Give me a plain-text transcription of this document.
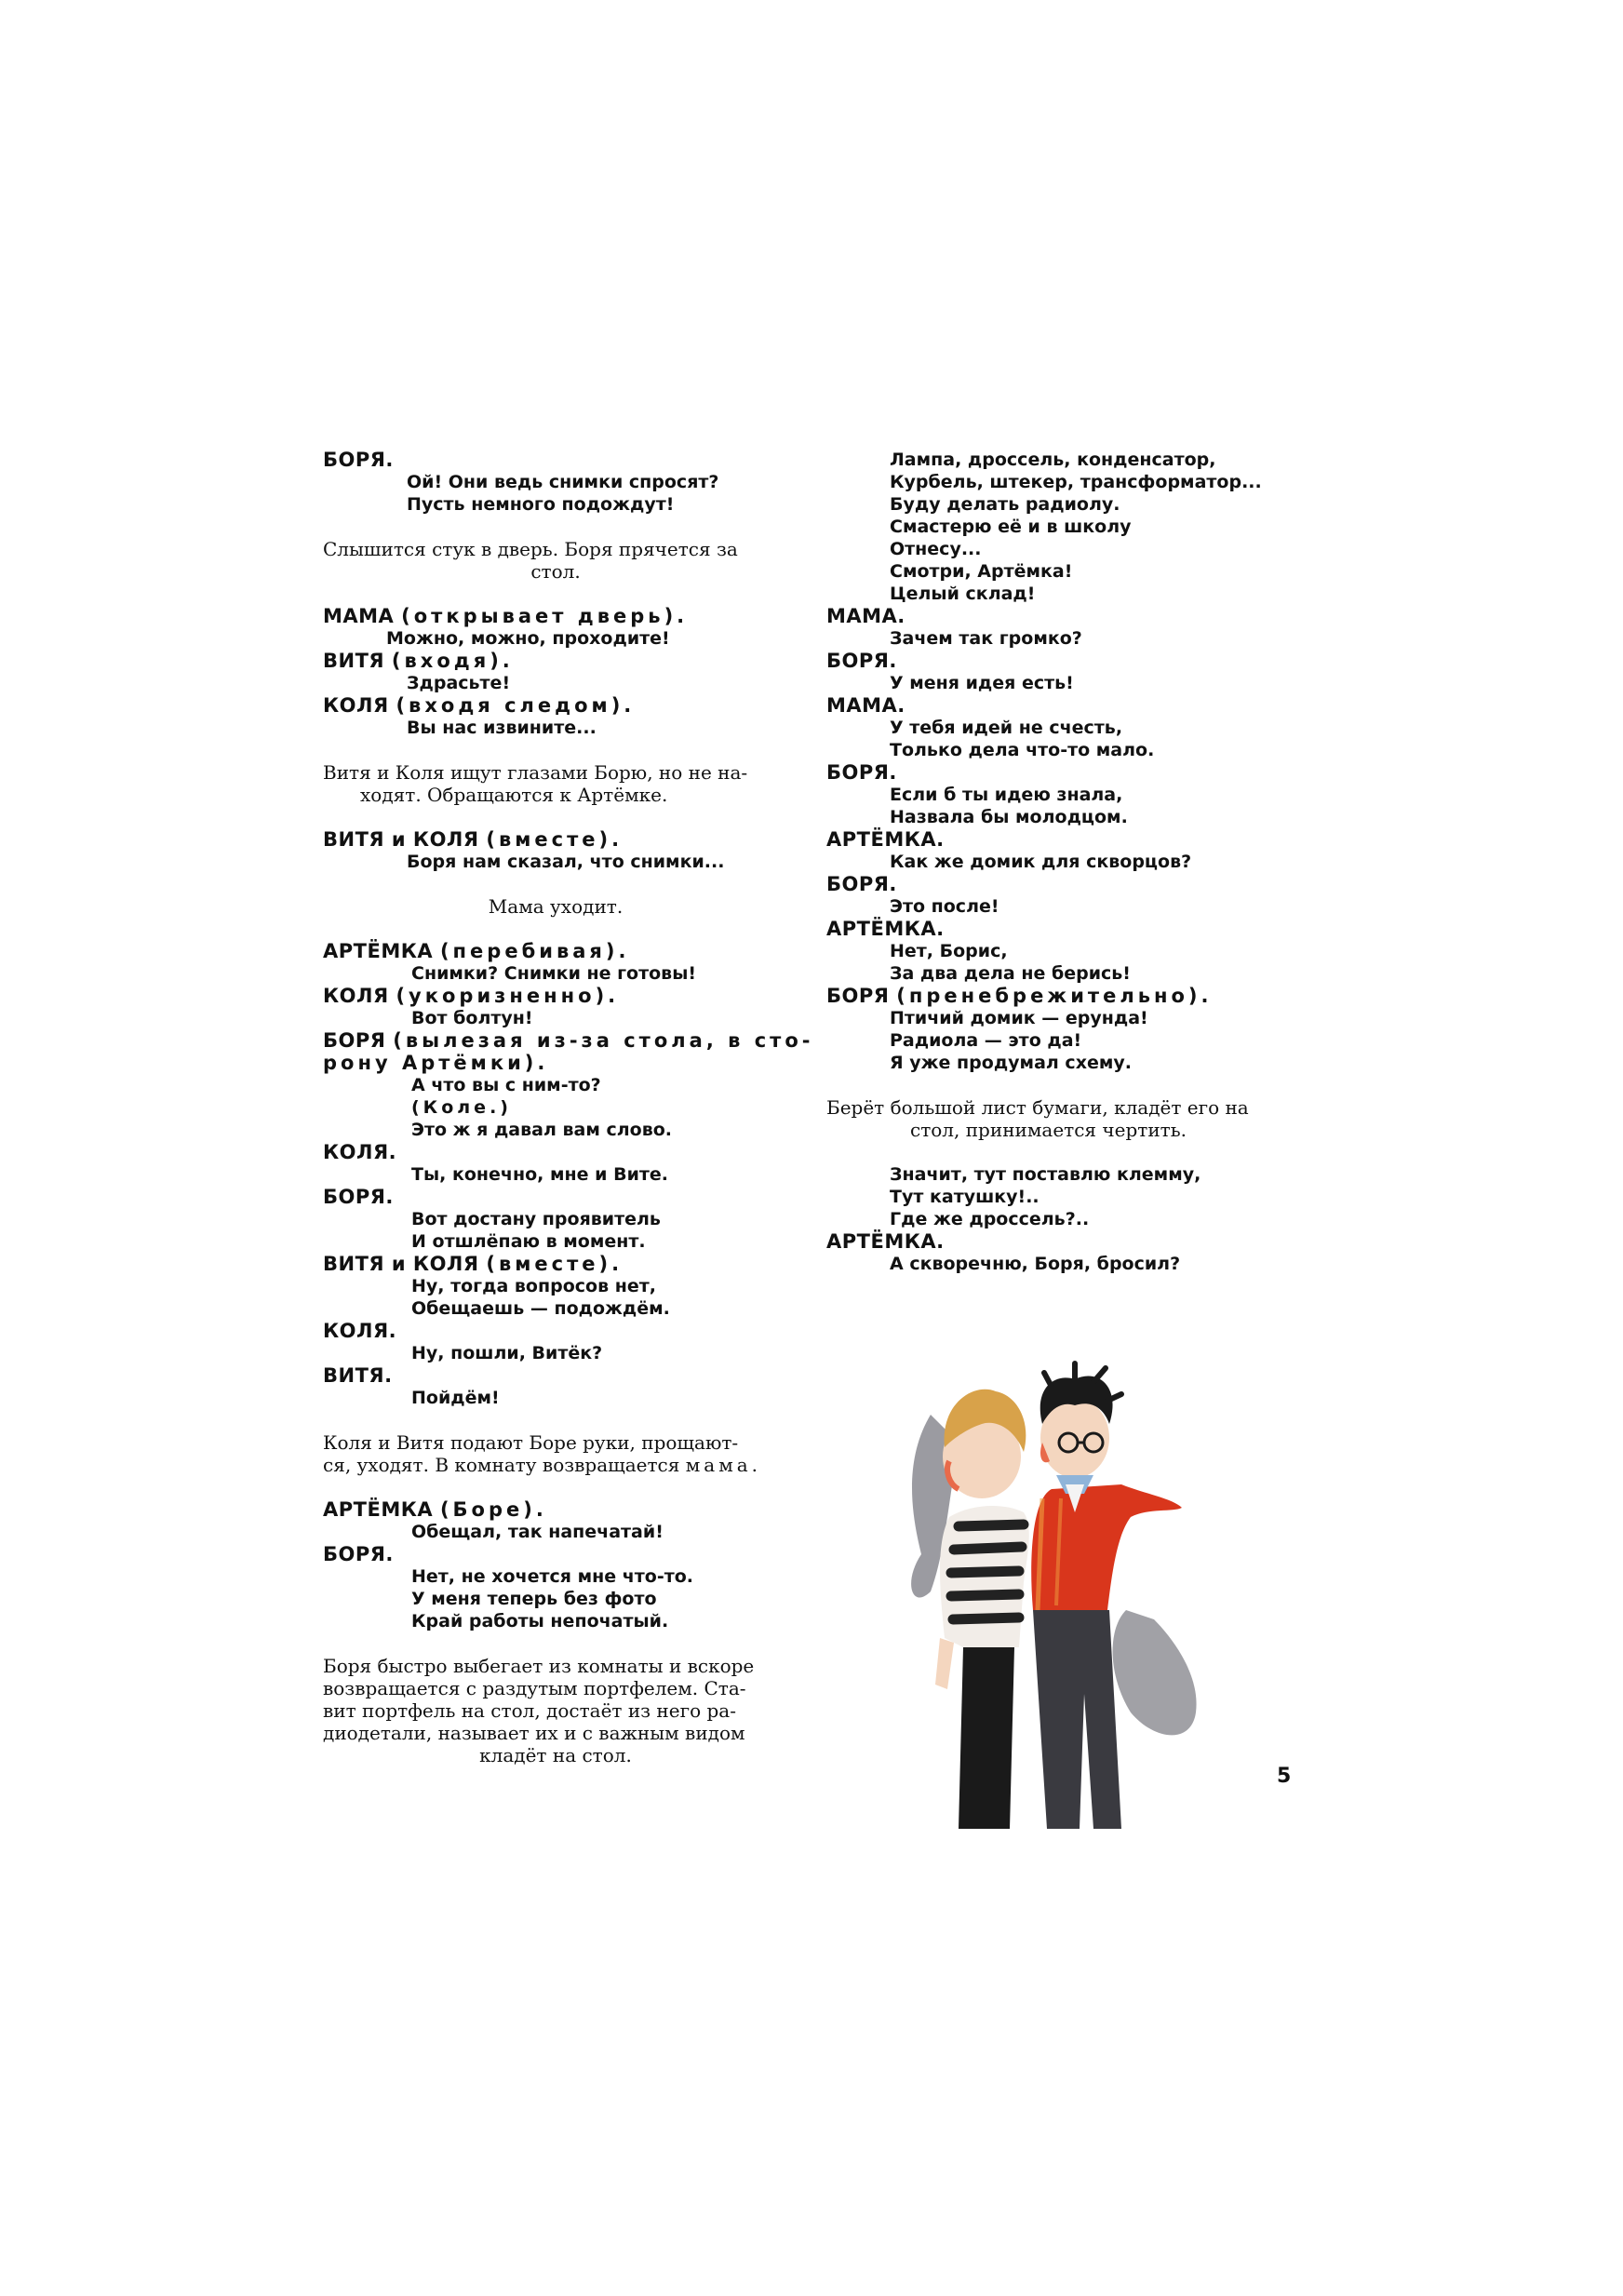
БОРЯ.
Ой! Они ведь снимки спросят?
Пусть немного подождут!
Слышится стук в дверь. Боря прячется за
стол.
МАМА (открывает дверь).
Можно, можно, проходите!
ВИТЯ (входя).
Здрасьте!
КОЛЯ (входя следом).
Вы нас извините...
Витя и Коля ищут глазами Борю, но не на-
ходят. Обращаются к Артёмке.
ВИТЯ и КОЛЯ (вместе).
Боря нам сказал, что снимки...
Мама уходит.
АРТЁМКА (перебивая).
Снимки? Снимки не готовы!
КОЛЯ (укоризненно).
Вот болтун!
БОРЯ (вылезая из-за стола, в сто-
рону Артёмки).
А что вы с ним-то?
(Коле.)
Это ж я давал вам слово.
КОЛЯ.
Ты, конечно, мне и Вите.
БОРЯ.
Вот достану проявитель
И отшлёпаю в момент.
ВИТЯ и КОЛЯ (вместе).
Ну, тогда вопросов нет,
Обещаешь — подождём.
КОЛЯ.
Ну, пошли, Витёк?
ВИТЯ.
Пойдём!
Коля и Витя подают Боре руки, прощают-
ся, уходят. В комнату возвращается мама.
АРТЁМКА (Боре).
Обещал, так напечатай!
БОРЯ.
Нет, не хочется мне что-то.
У меня теперь без фото
Край работы непочатый.
Боря быстро выбегает из комнаты и вскоре
возвращается с раздутым портфелем. Ста-
вит портфель на стол, достаёт из него ра-
диодетали, называет их и с важным видом
кладёт на стол.
Лампа, дроссель, конденсатор,
Курбель, штекер, трансформатор...
Буду делать радиолу.
Смастерю её и в школу
Отнесу...
Смотри, Артёмка!
Целый склад!
МАМА.
Зачем так громко?
БОРЯ.
У меня идея есть!
МАМА.
У тебя идей не счесть,
Только дела что-то мало.
БОРЯ.
Если б ты идею знала,
Назвала бы молодцом.
АРТЁМКА.
Как же домик для скворцов?
БОРЯ.
Это после!
АРТЁМКА.
Нет, Борис,
За два дела не берись!
БОРЯ (пренебрежительно).
Птичий домик — ерунда!
Радиола — это да!
Я уже продумал схему.
Берёт большой лист бумаги, кладёт его на
стол, принимается чертить.
Значит, тут поставлю клемму,
Тут катушку!..
Где же дроссель?..
АРТЁМКА.
А скворечню, Боря, бросил?
5
